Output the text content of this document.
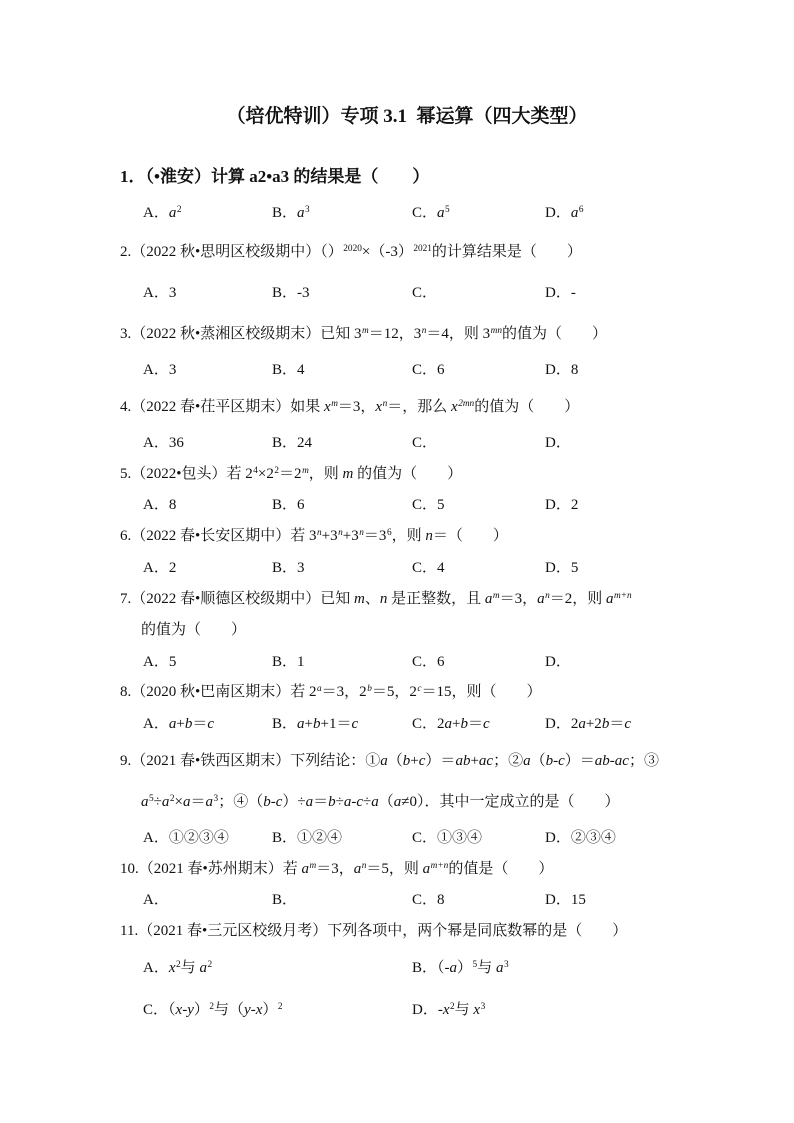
（培优特训）专项 3.1  幂运算（四大类型）
1．（•淮安）计算 a2•a3 的结果是（　　）
A．$a^2$	B．$a^3$	C．$a^5$	D．$a^6$
2.（2022 秋•思明区校级期中）$()^{2020}\times(-3)^{2021}$的计算结果是（　　）
A．3	B．-3	C．	D．-
3.（2022 秋•蒸湘区校级期末）已知 $3^m=12$，$3^n=4$，则 $3^{mn}$的值为（　　）
A．3	B．4	C．6	D．8
4.（2022 春•茌平区期末）如果 $x^m=3$，$x^n=$，那么 $x^{2mn}$的值为（　　）
A．36	B．24	C．	D．
5.（2022•包头）若 $2^4\times 2^2=2^m$，则 m 的值为（　　）
A．8	B．6	C．5	D．2
6.（2022 春•长安区期中）若 $3^n+3^n+3^n=3^6$，则 n＝（　　）
A．2	B．3	C．4	D．5
7.（2022 春•顺德区校级期中）已知 m、n 是正整数，且 $a^m=3$，$a^n=2$，则 $a^{m+n}$
的值为（　　）
A．5	B．1	C．6	D．
8.（2020 秋•巴南区期末）若 $2^a=3$，$2^b=5$，$2^c=15$，则（　　）
A．a+b＝c	B．a+b+1＝c	C．2a+b＝c	D．2a+2b＝c
9.（2021 春•铁西区期末）下列结论：①a（b+c）＝ab+ac；②a（b-c）＝ab-ac；③
$a^5\div a^2\times a=a^3$；④（b-c）÷a＝b÷a-c÷a（a≠0）．其中一定成立的是（　　）
A．①②③④	B．①②④	C．①③④	D．②③④
10.（2021 春•苏州期末）若 $a^m=3$，$a^n=5$，则 $a^{m+n}$的值是（　　）
A．	B．	C．8	D．15
11.（2021 春•三元区校级月考）下列各项中，两个幂是同底数幂的是（　　）
A．$x^2$与 $a^2$	B．$(-a)^5$与 $a^3$
C．$(x-y)^2$与$(y-x)^2$	D．$-x^2$与 $x^3$
